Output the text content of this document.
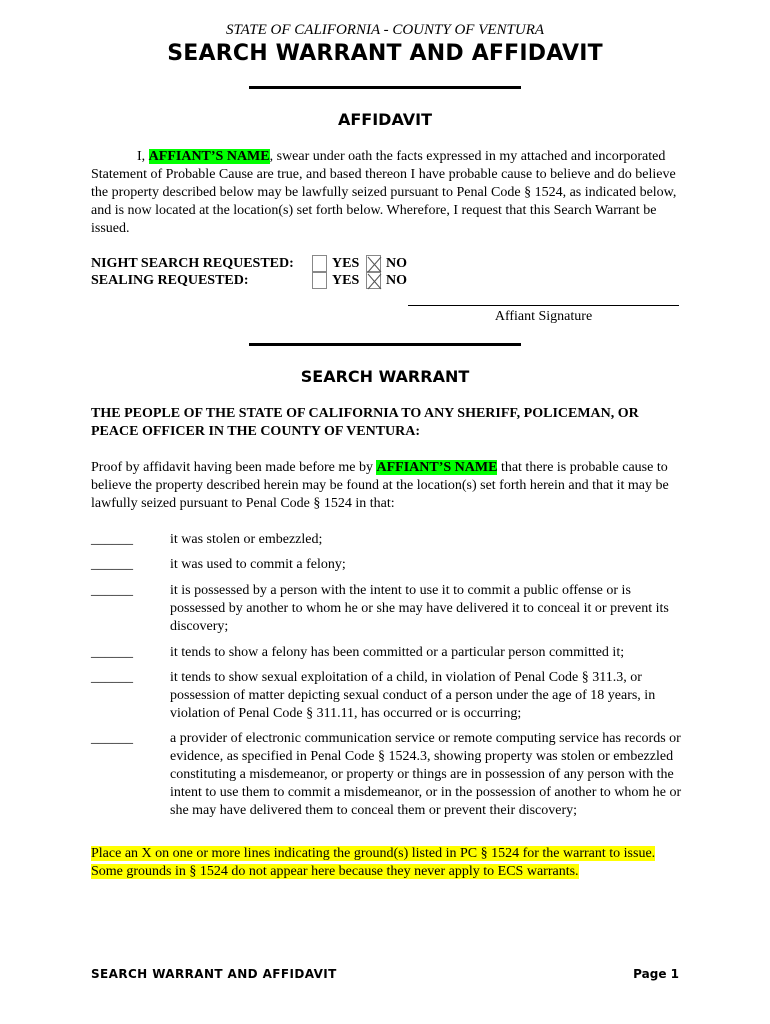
STATE OF CALIFORNIA - COUNTY OF VENTURA
SEARCH WARRANT AND AFFIDAVIT
AFFIDAVIT
I, AFFIANT’S NAME, swear under oath the facts expressed in my attached and incorporated Statement of Probable Cause are true, and based thereon I have probable cause to believe and do believe the property described below may be lawfully seized pursuant to Penal Code § 1524, as indicated below, and is now located at the location(s) set forth below. Wherefore, I request that this Search Warrant be issued.
NIGHT SEARCH REQUESTED:	YES NO
SEALING REQUESTED:	YES NO
Affiant Signature
SEARCH WARRANT
THE PEOPLE OF THE STATE OF CALIFORNIA TO ANY SHERIFF, POLICEMAN, OR PEACE OFFICER IN THE COUNTY OF VENTURA:
Proof by affidavit having been made before me by AFFIANT’S NAME that there is probable cause to believe the property described herein may be found at the location(s) set forth herein and that it may be lawfully seized pursuant to Penal Code § 1524 in that:
______	it was stolen or embezzled;
______	it was used to commit a felony;
______	it is possessed by a person with the intent to use it to commit a public offense or is possessed by another to whom he or she may have delivered it to conceal it or prevent its discovery;
______	it tends to show a felony has been committed or a particular person committed it;
______	it tends to show sexual exploitation of a child, in violation of Penal Code § 311.3, or possession of matter depicting sexual conduct of a person under the age of 18 years, in violation of Penal Code § 311.11, has occurred or is occurring;
______	a provider of electronic communication service or remote computing service has records or evidence, as specified in Penal Code § 1524.3, showing property was stolen or embezzled constituting a misdemeanor, or property or things are in possession of any person with the intent to use them to commit a misdemeanor, or in the possession of another to whom he or she may have delivered them to conceal them or prevent their discovery;
Place an X on one or more lines indicating the ground(s) listed in PC § 1524 for the warrant to issue. Some grounds in § 1524 do not appear here because they never apply to ECS warrants.
SEARCH WARRANT AND AFFIDAVIT	Page 1
